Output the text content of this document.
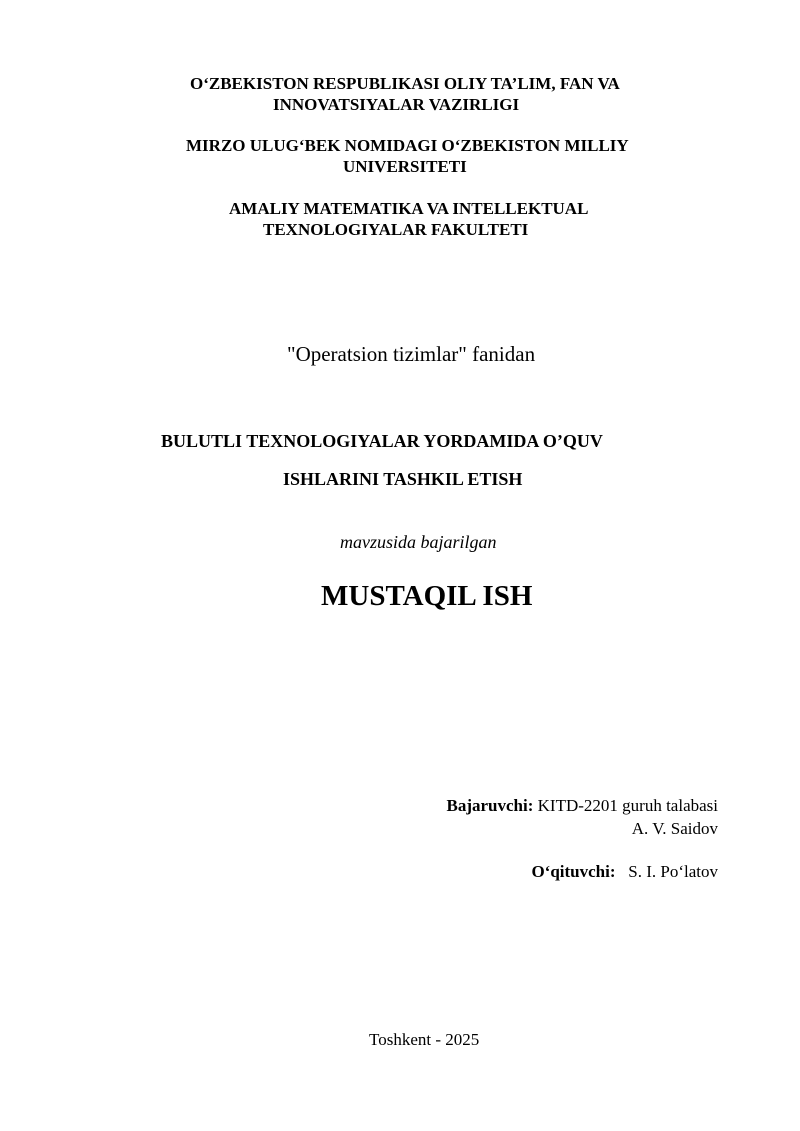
O‘ZBEKISTON RESPUBLIKASI OLIY TA’LIM, FAN VA
INNOVATSIYALAR VAZIRLIGI
MIRZO ULUG‘BEK NOMIDAGI O‘ZBEKISTON MILLIY
UNIVERSITETI
AMALIY MATEMATIKA VA INTELLEKTUAL
TEXNOLOGIYALAR FAKULTETI
"Operatsion tizimlar" fanidan
BULUTLI TEXNOLOGIYALAR YORDAMIDA O’QUV
ISHLARINI TASHKIL ETISH
mavzusida bajarilgan
MUSTAQIL ISH
Bajaruvchi: KITD-2201 guruh talabasi
A. V. Saidov
O‘qituvchi: S. I. Po‘latov
Toshkent - 2025
